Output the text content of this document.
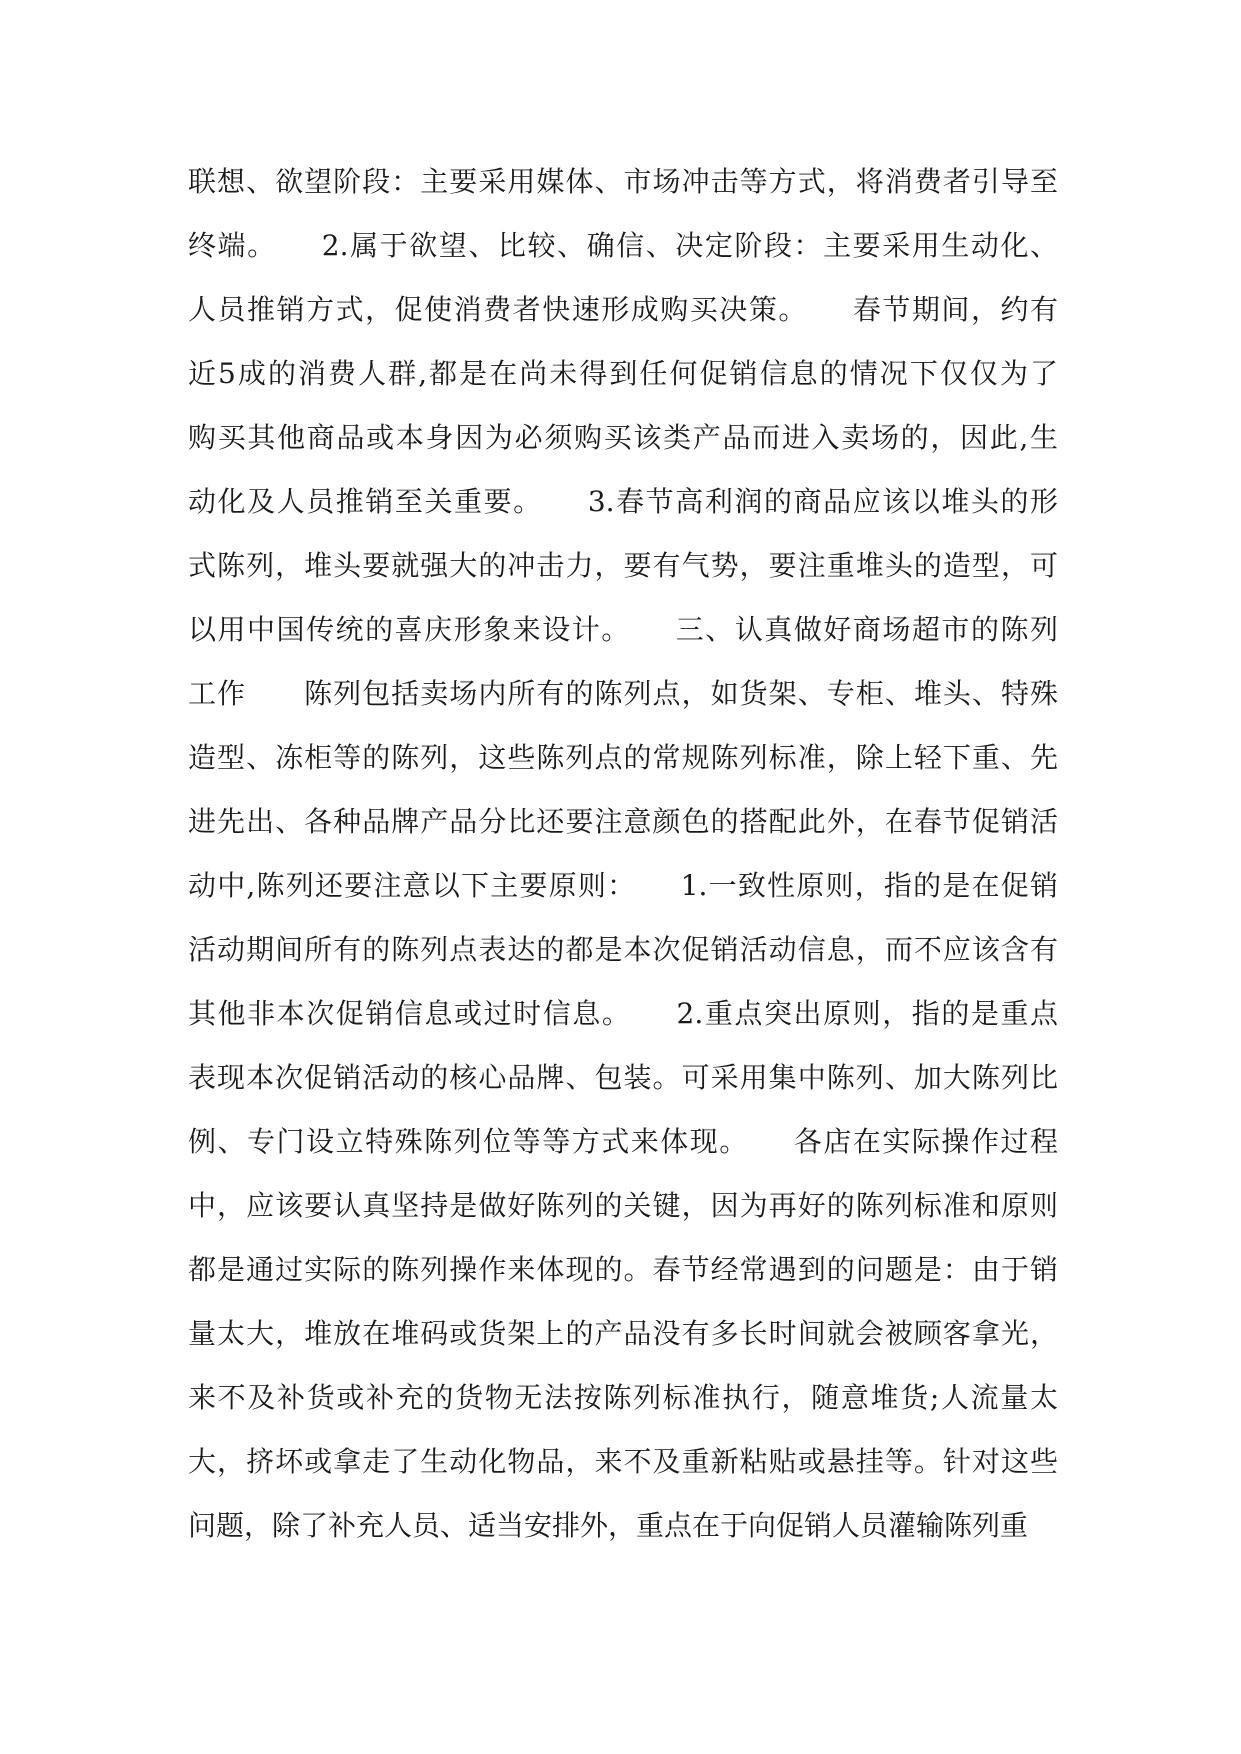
联想、欲望阶段：主要采用媒体、市场冲击等方式，将消费者引导至
终端。　　2.属于欲望、比较、确信、决定阶段：主要采用生动化、
人员推销方式，促使消费者快速形成购买决策。　　春节期间，约有
近5成的消费人群,都是在尚未得到任何促销信息的情况下仅仅为了
购买其他商品或本身因为必须购买该类产品而进入卖场的，因此,生
动化及人员推销至关重要。　　3.春节高利润的商品应该以堆头的形
式陈列，堆头要就强大的冲击力，要有气势，要注重堆头的造型，可
以用中国传统的喜庆形象来设计。　　三、认真做好商场超市的陈列
工作　　陈列包括卖场内所有的陈列点，如货架、专柜、堆头、特殊
造型、冻柜等的陈列，这些陈列点的常规陈列标准，除上轻下重、先
进先出、各种品牌产品分比还要注意颜色的搭配此外，在春节促销活
动中,陈列还要注意以下主要原则：　　1.一致性原则，指的是在促销
活动期间所有的陈列点表达的都是本次促销活动信息，而不应该含有
其他非本次促销信息或过时信息。　　2.重点突出原则，指的是重点
表现本次促销活动的核心品牌、包装。可采用集中陈列、加大陈列比
例、专门设立特殊陈列位等等方式来体现。　　各店在实际操作过程
中，应该要认真坚持是做好陈列的关键，因为再好的陈列标准和原则
都是通过实际的陈列操作来体现的。春节经常遇到的问题是：由于销
量太大，堆放在堆码或货架上的产品没有多长时间就会被顾客拿光，
来不及补货或补充的货物无法按陈列标准执行，随意堆货;人流量太
大，挤坏或拿走了生动化物品，来不及重新粘贴或悬挂等。针对这些
问题，除了补充人员、适当安排外，重点在于向促销人员灌输陈列重
